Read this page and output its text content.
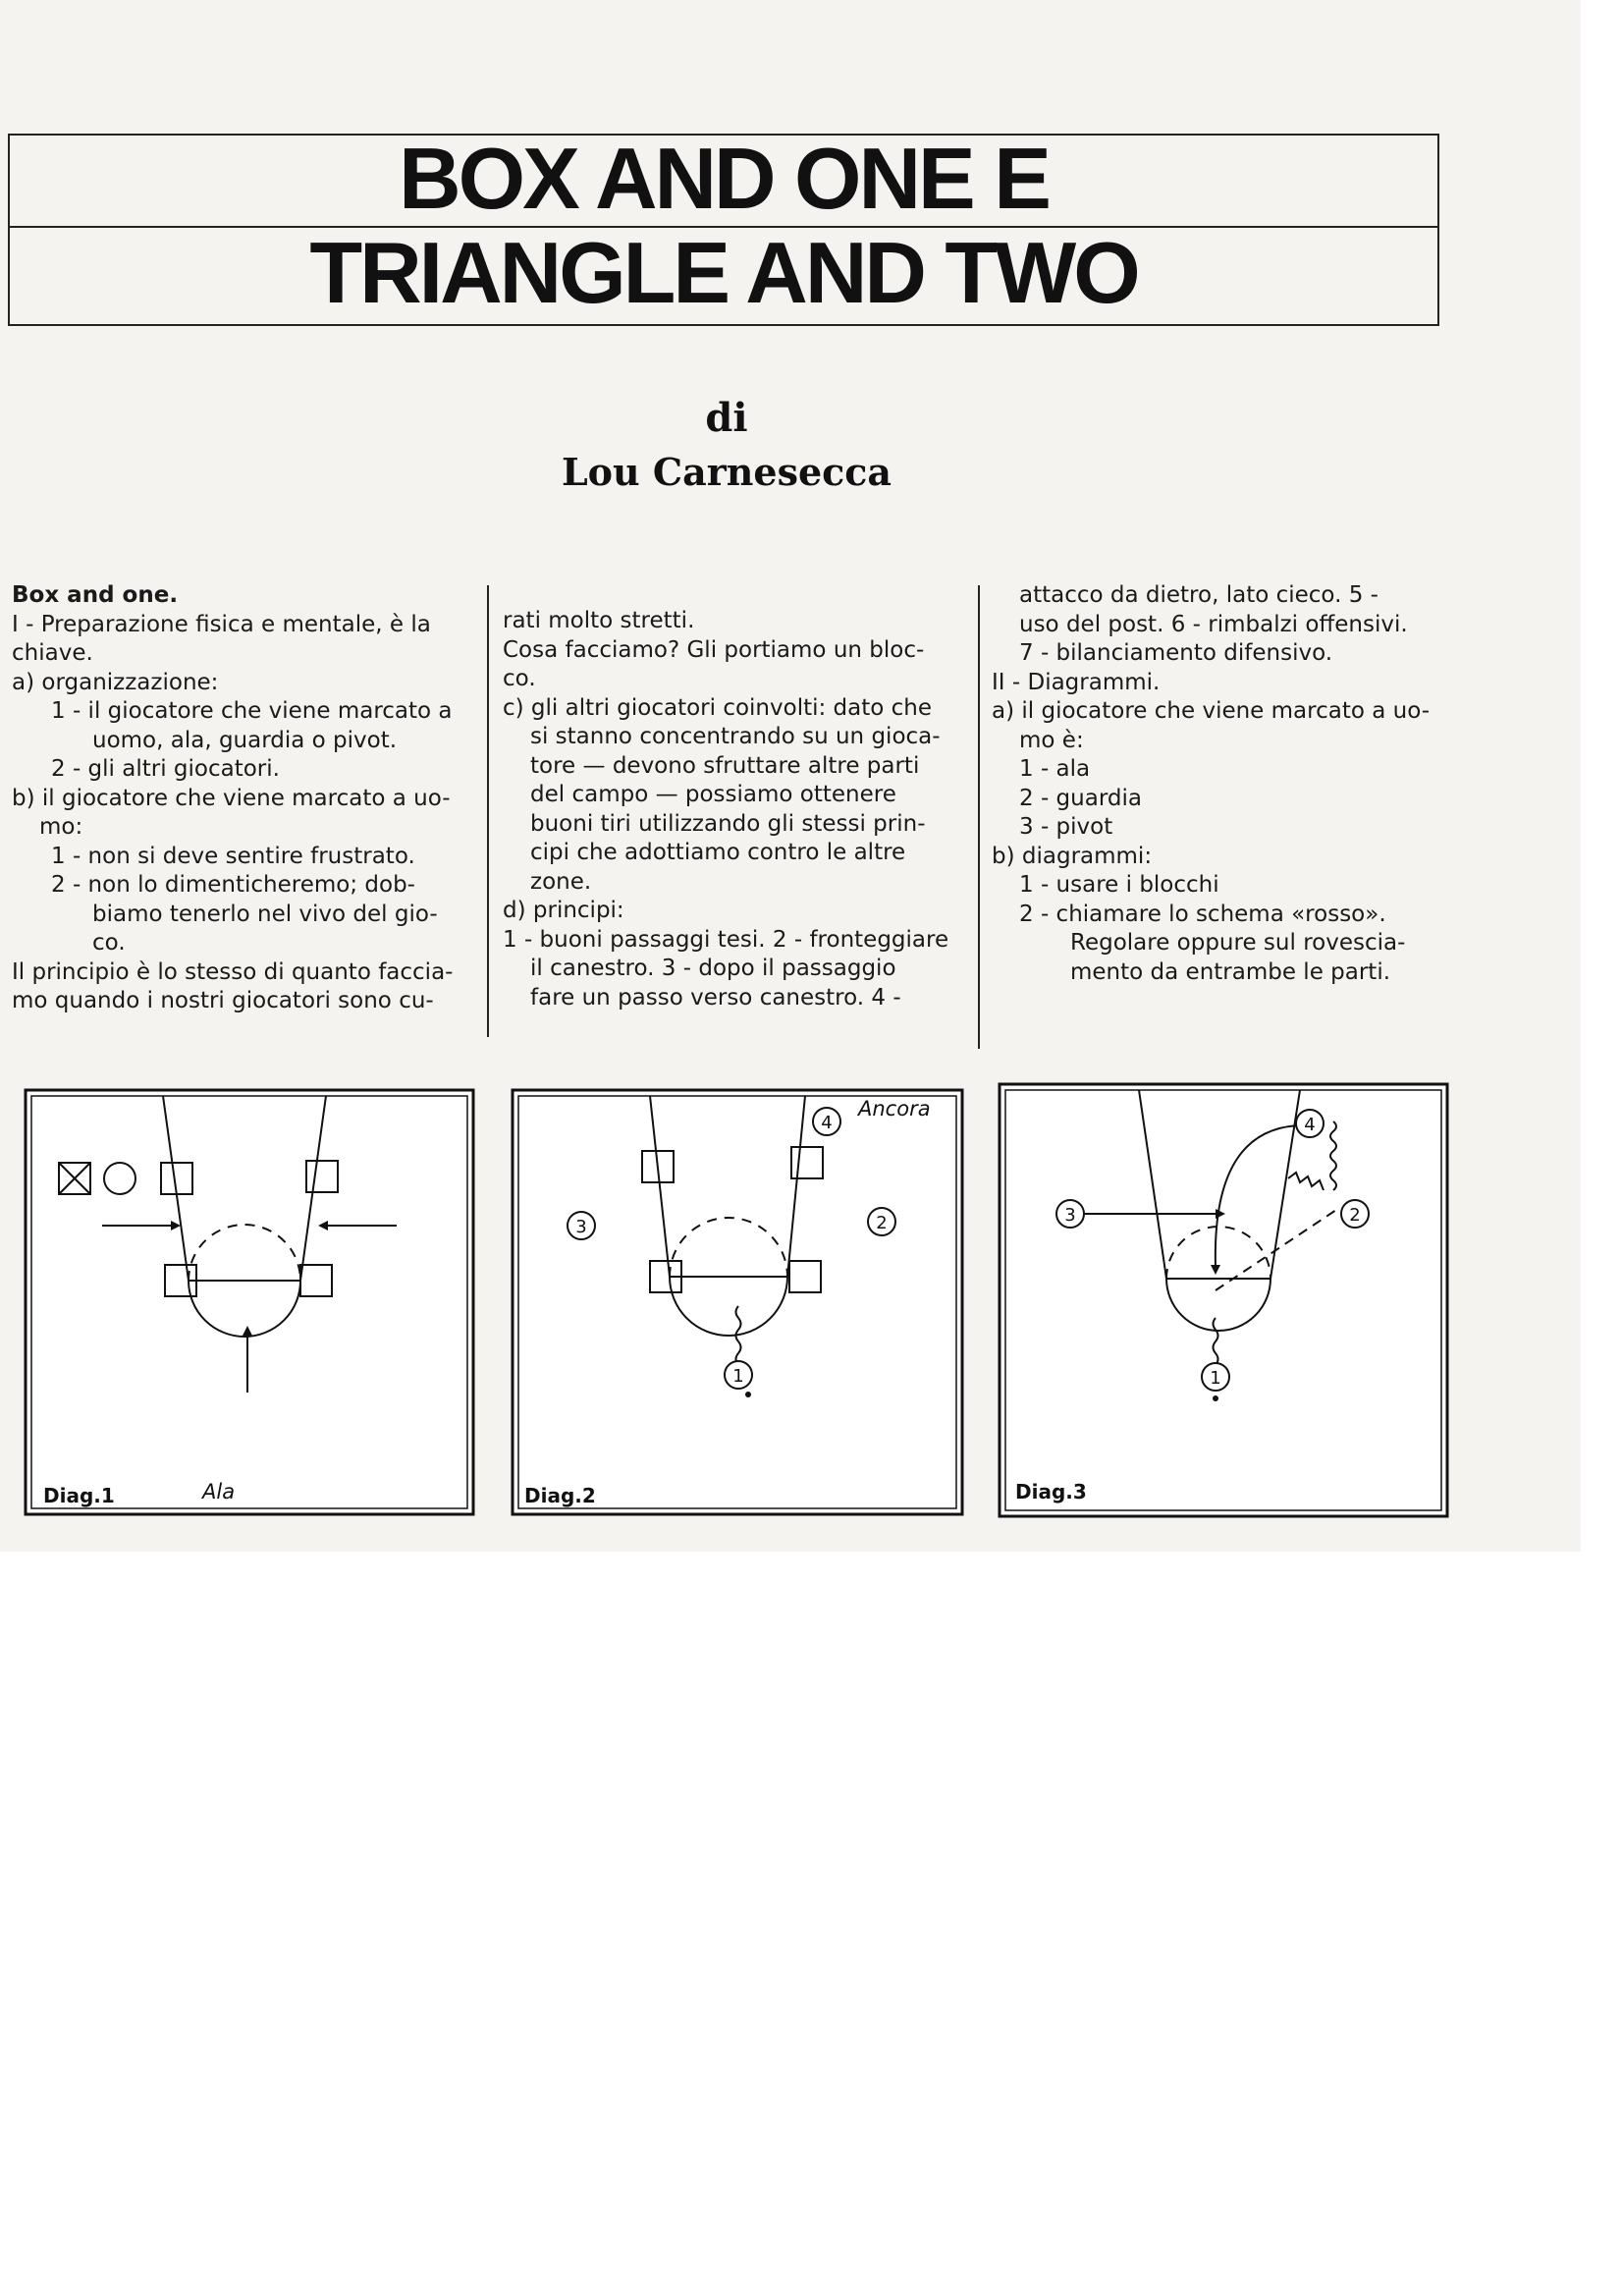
BOX AND ONE E
TRIANGLE AND TWO
di
Lou Carnesecca

Box and one.

I - Preparazione fisica e mentale, è la

chiave.

a) organizzazione:

1 - il giocatore che viene marcato a

uomo, ala, guardia o pivot.

2 - gli altri giocatori.

b) il giocatore che viene marcato a uo-

mo:

1 - non si deve sentire frustrato.

2 - non lo dimenticheremo; dob-

biamo tenerlo nel vivo del gio-

co.

Il principio è lo stesso di quanto faccia-

mo quando i nostri giocatori sono cu-

rati molto stretti.

Cosa facciamo? Gli portiamo un bloc-

co.

c) gli altri giocatori coinvolti: dato che

si stanno concentrando su un gioca-

tore — devono sfruttare altre parti

del campo — possiamo ottenere

buoni tiri utilizzando gli stessi prin-

cipi che adottiamo contro le altre

zone.

d) principi:

1 - buoni passaggi tesi. 2 - fronteggiare

il canestro. 3 - dopo il passaggio

fare un passo verso canestro. 4 -

attacco da dietro, lato cieco. 5 -

uso del post. 6 - rimbalzi offensivi.

7 - bilanciamento difensivo.

II - Diagrammi.

a) il giocatore che viene marcato a uo-

mo è:

1 - ala

2 - guardia

3 - pivot

b) diagrammi:

1 - usare i blocchi

2 - chiamare lo schema «rosso».

Regolare oppure sul rovescia-

mento da entrambe le parti.

Diag.1	Ala
4
Ancora
3	2
1
Diag.2
4
2
3
1
Diag.3
